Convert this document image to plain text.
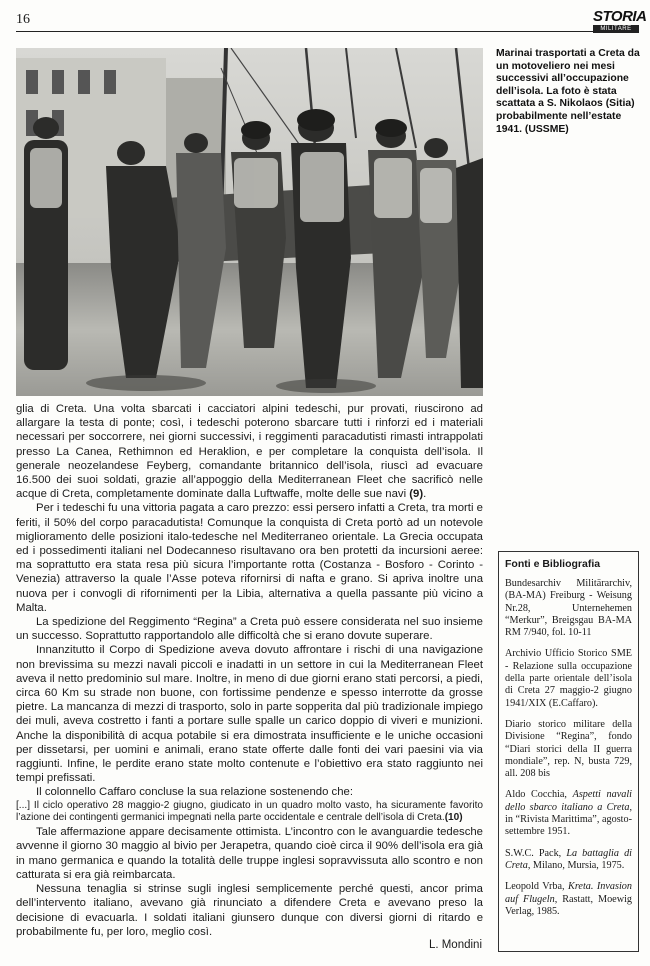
16	STORIA
MILITARE
Marinai trasportati a Creta da un motoveliero nei mesi successivi all’occupazione dell’isola. La foto è stata scattata a S. Nikolaos (Sitia) probabilmente nell’estate 1941. (USSME)

glia di Creta. Una volta sbarcati i cacciatori alpini tedeschi, pur provati, riuscirono ad allargare la testa di ponte; così, i tedeschi poterono sbarcare tutti i rinforzi ed i materiali necessari per soccorrere, nei giorni successivi, i reggimenti paracadutisti rimasti intrappolati presso La Canea, Rethimnon ed Heraklion, e per completare la conquista dell’isola. Il generale neozelandese Feyberg, comandante britannico dell’isola, riuscì ad evacuare 16.500 dei suoi soldati, grazie all’appoggio della Mediterranean Fleet che sacrificò nelle acque di Creta, completamente dominate dalla Luftwaffe, molte delle sue navi (9).

Per i tedeschi fu una vittoria pagata a caro prezzo: essi persero infatti a Creta, tra morti e feriti, il 50% del corpo paracadutista! Comunque la conquista di Creta portò ad un notevole miglioramento delle posizioni italo-tedesche nel Mediterraneo orientale. La Grecia occupata ed i possedimenti italiani nel Dodecanneso risultavano ora ben protetti da incursioni aeree: ma soprattutto era stata resa più sicura l’importante rotta (Costanza - Bosforo - Corinto - Venezia) attraverso la quale l’Asse poteva rifornirsi di nafta e grano. Si apriva inoltre una nuova per i convogli di rifornimenti per la Libia, alternativa a quella passante più vicino a Malta.

La spedizione del Reggimento “Regina” a Creta può essere considerata nel suo insieme un successo. Soprattutto rapportandolo alle difficoltà che si erano dovute superare.

Innanzitutto il Corpo di Spedizione aveva dovuto affrontare i rischi di una navigazione non brevissima su mezzi navali piccoli e inadatti in un settore in cui la Mediterranean Fleet aveva il netto predominio sul mare. Inoltre, in meno di due giorni erano stati percorsi, a piedi, circa 60 Km su strade non buone, con fortissime pendenze e spesso interrotte da grosse pietre. La mancanza di mezzi di trasporto, solo in parte sopperita dal più tradizionale impiego dei muli, aveva costretto i fanti a portare sulle spalle un carico doppio di viveri e munizioni. Anche la disponibilità di acqua potabile si era dimostrata insufficiente e le uniche occasioni per dissetarsi, per uomini e animali, erano state offerte dalle fonti dei vari paesini via via raggiunti. Infine, le perdite erano state molto contenute e l’obiettivo era stato raggiunto nei tempi prefissati.

Il colonnello Caffaro concluse la sua relazione sostenendo che:

[...] Il ciclo operativo 28 maggio-2 giugno, giudicato in un quadro molto vasto, ha sicuramente favorito l’azione dei contingenti germanici impegnati nella parte occidentale e centrale dell’isola di Creta.(10)

Tale affermazione appare decisamente ottimista. L’incontro con le avanguardie tedesche avvenne il giorno 30 maggio al bivio per Jerapetra, quando cioè circa il 90% dell’isola era già in mano germanica e quando la totalità delle truppe inglesi sopravvissuta allo scontro e non catturata si era già reimbarcata.

Nessuna tenaglia si strinse sugli inglesi semplicemente perché questi, ancor prima dell’intervento italiano, avevano già rinunciato a difendere Creta e avevano preso la decisione di evacuarla. I soldati italiani giunsero dunque con diversi giorni di ritardo e probabilmente fu, per loro, meglio così.

L. Mondini
Fonti e Bibliografia

Bundesarchiv Militärarchiv, (BA-MA) Freiburg - Weisung Nr.28, Unternehemen “Merkur”, Breigsgau BA-MA RM 7/940, fol. 10-11

Archivio Ufficio Storico SME - Relazione sulla occupazione della parte orientale dell’isola di Creta 27 maggio-2 giugno 1941/XIX (E.Caffaro).

Diario storico militare della Divisione “Regina”, fondo “Diari storici della II guerra mondiale”, rep. N, busta 729, all. 208 bis

Aldo Cocchia, Aspetti navali dello sbarco italiano a Creta, in “Rivista Marittima”, agosto-settembre 1951.

S.W.C. Pack, La battaglia di Creta, Milano, Mursia, 1975.

Leopold Vrba, Kreta. Invasion auf Flugeln, Rastatt, Moewig Verlag, 1985.
